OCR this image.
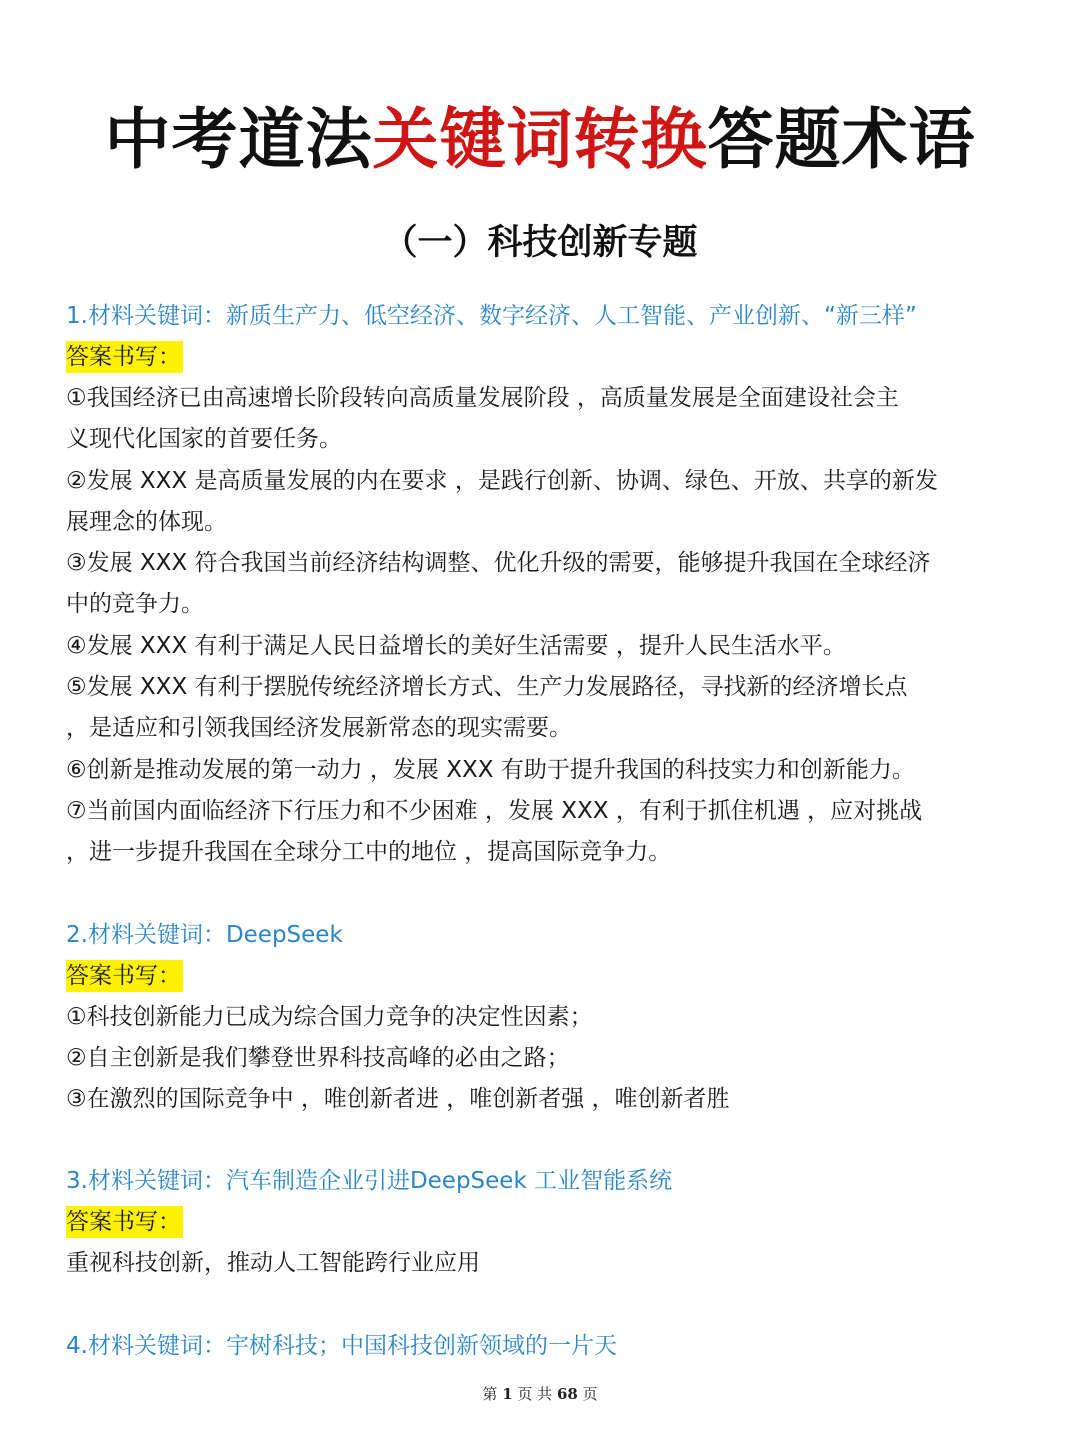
中考道法关键词转换答题术语
（一）科技创新专题
1.材料关键词：新质生产力、低空经济、数字经济、人工智能、产业创新、“新三样”
答案书写：
①我国经济已由高速增长阶段转向高质量发展阶段 ，高质量发展是全面建设社会主
义现代化国家的首要任务。
②发展 XXX 是高质量发展的内在要求 ，是践行创新、协调、绿色、开放、共享的新发
展理念的体现。
③发展 XXX 符合我国当前经济结构调整、优化升级的需要，能够提升我国在全球经济
中的竞争力。
④发展 XXX 有利于满足人民日益增长的美好生活需要 ，提升人民生活水平。
⑤发展 XXX 有利于摆脱传统经济增长方式、生产力发展路径，寻找新的经济增长点
，是适应和引领我国经济发展新常态的现实需要。
⑥创新是推动发展的第一动力 ，发展 XXX 有助于提升我国的科技实力和创新能力。
⑦当前国内面临经济下行压力和不少困难 ，发展 XXX ，有利于抓住机遇 ，应对挑战
，进一步提升我国在全球分工中的地位 ，提高国际竞争力。
2.材料关键词：DeepSeek
答案书写：
①科技创新能力已成为综合国力竞争的决定性因素；
②自主创新是我们攀登世界科技高峰的必由之路；
③在激烈的国际竞争中 ，唯创新者进 ，唯创新者强 ，唯创新者胜
3.材料关键词：汽车制造企业引进DeepSeek 工业智能系统
答案书写：
重视科技创新，推动人工智能跨行业应用
4.材料关键词：宇树科技；中国科技创新领域的一片天
第 1 页 共 68 页
